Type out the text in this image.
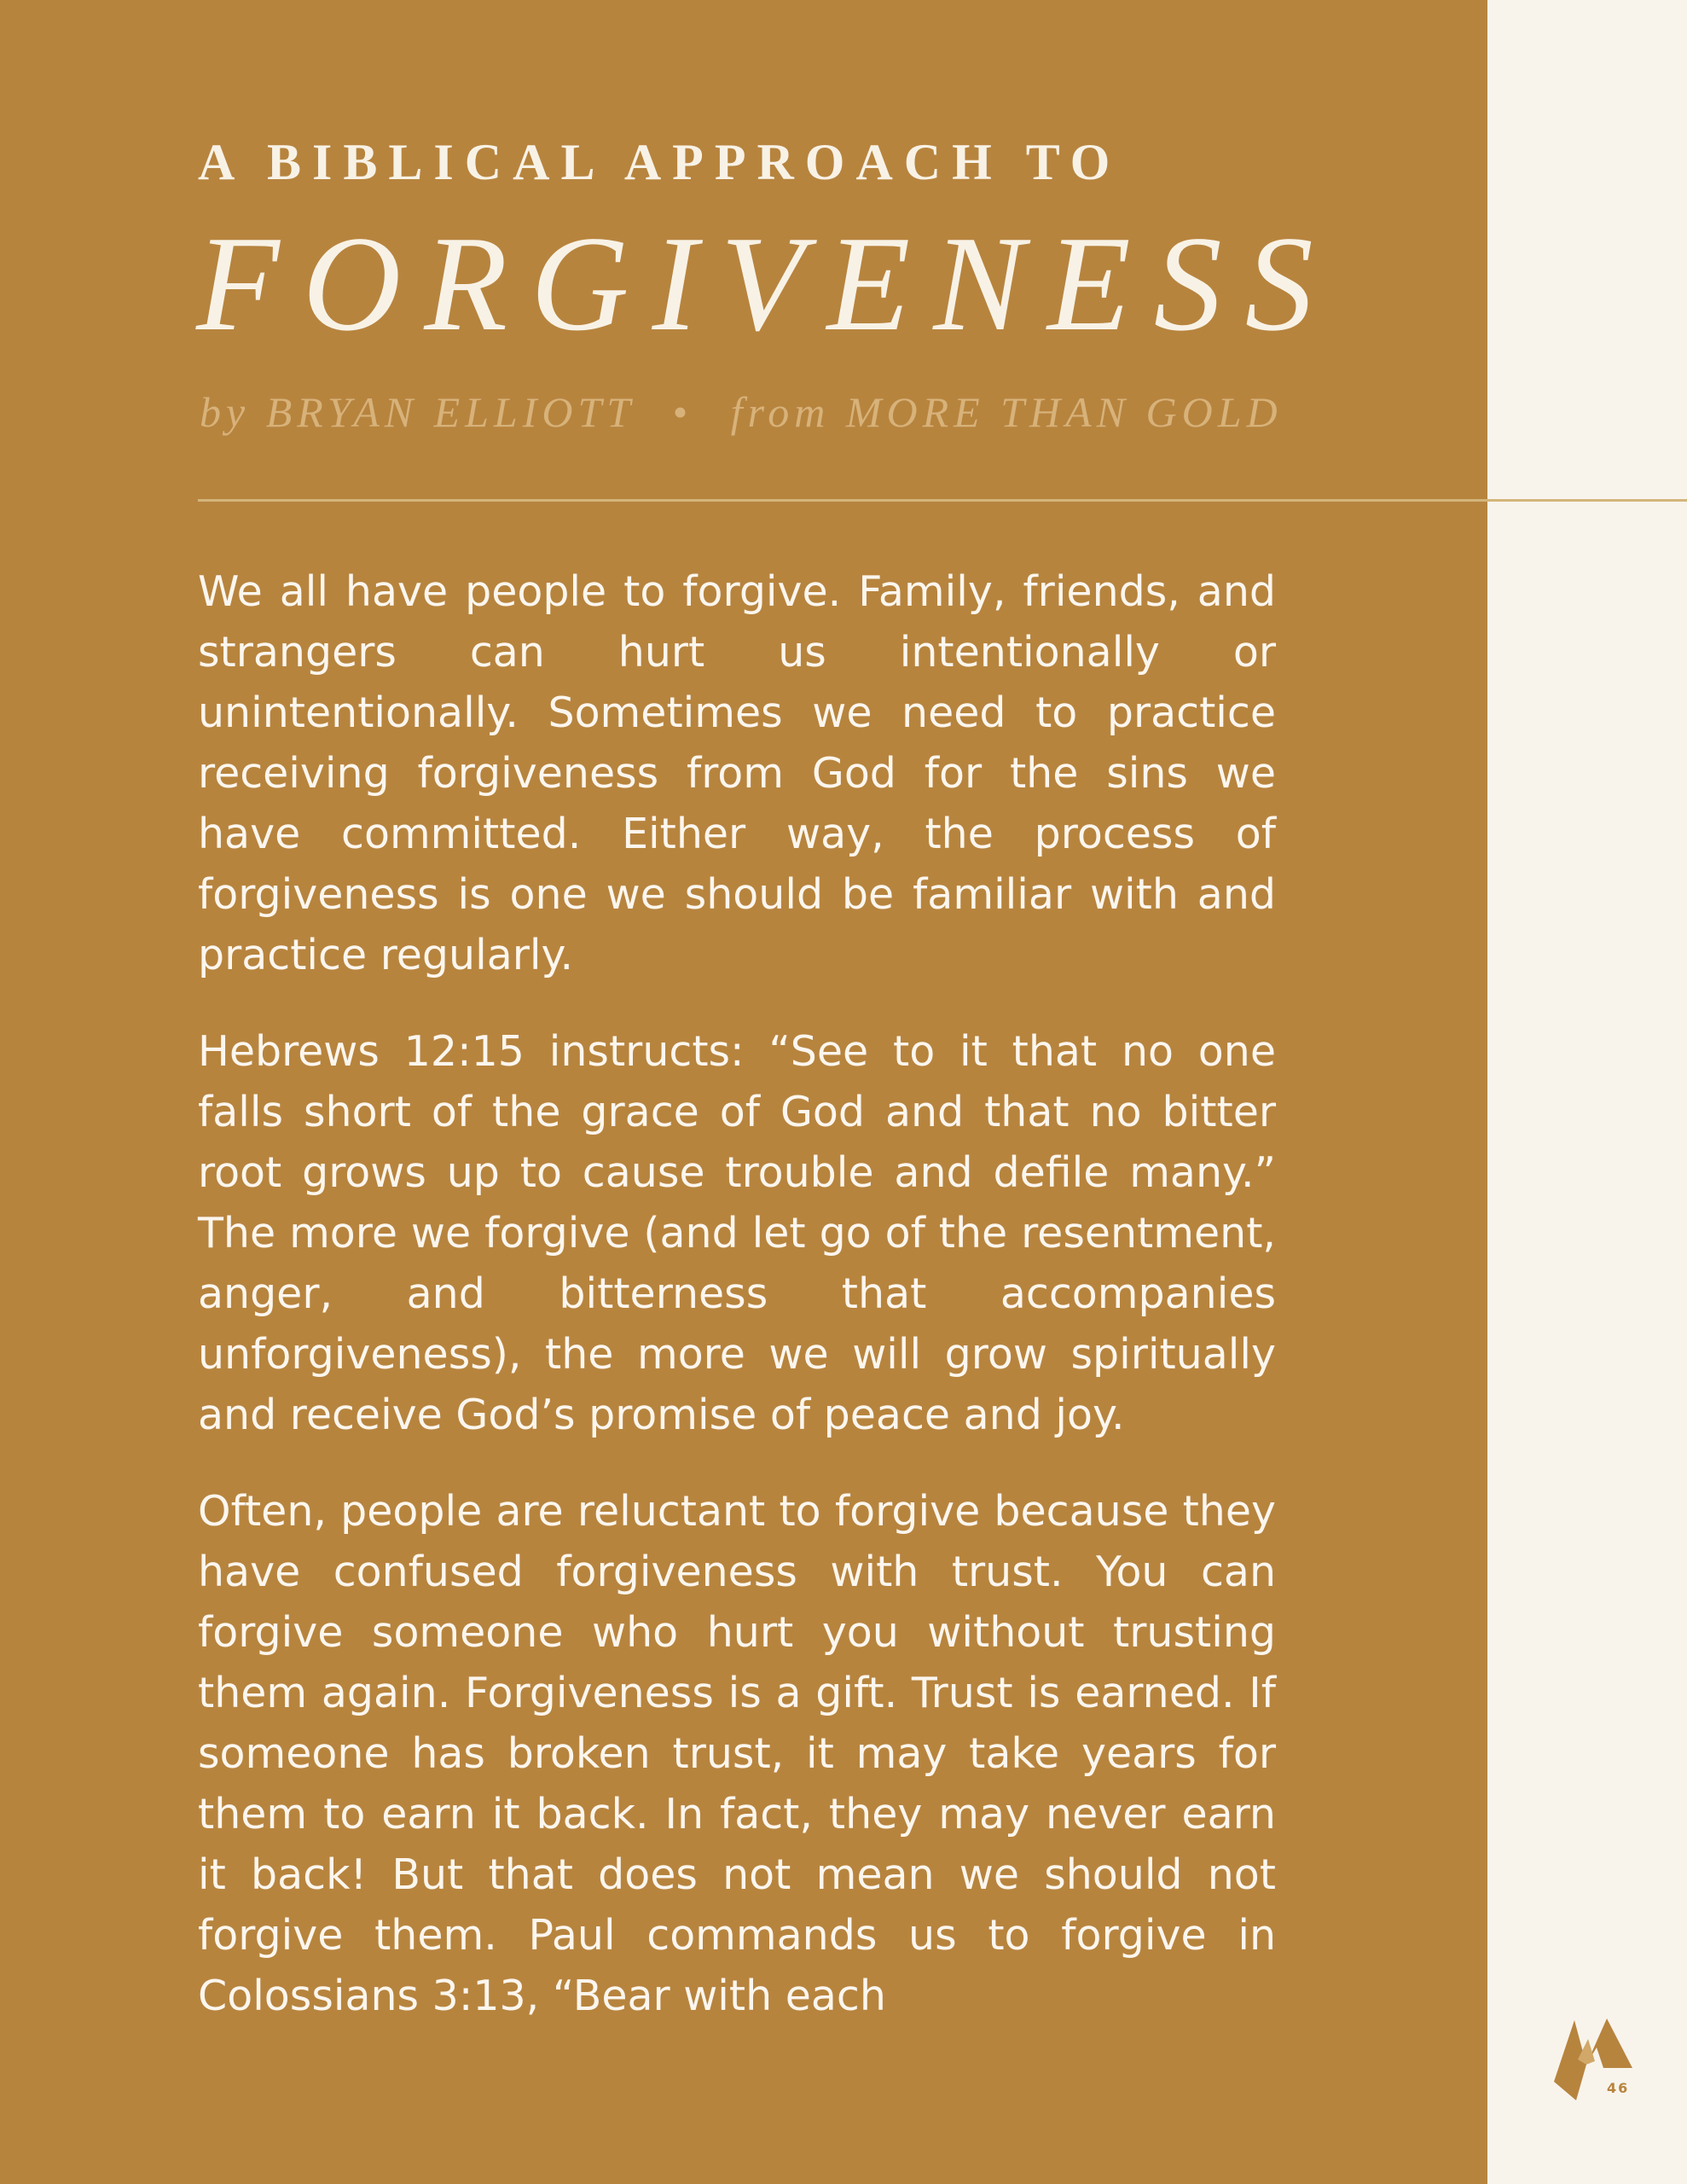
A BIBLICAL APPROACH TO
FORGIVENESS
by BRYAN ELLIOTT • from MORE THAN GOLD

We all have people to forgive. Family, friends, and strangers can hurt us intentionally or unintentionally. Sometimes we need to practice receiving forgiveness from God for the sins we have committed. Either way, the process of forgiveness is one we should be familiar with and practice regularly.

Hebrews 12:15 instructs: “See to it that no one falls short of the grace of God and that no bitter root grows up to cause trouble and defile many.” The more we forgive (and let go of the resentment, anger, and bitterness that accompanies unforgiveness), the more we will grow spiritually and receive God’s promise of peace and joy.

Often, people are reluctant to forgive because they have confused forgiveness with trust. You can forgive someone who hurt you without trusting them again. Forgiveness is a gift. Trust is earned. If someone has broken trust, it may take years for them to earn it back. In fact, they may never earn it back! But that does not mean we should not forgive them. Paul commands us to forgive in Colossians 3:13, “Bear with each

46
